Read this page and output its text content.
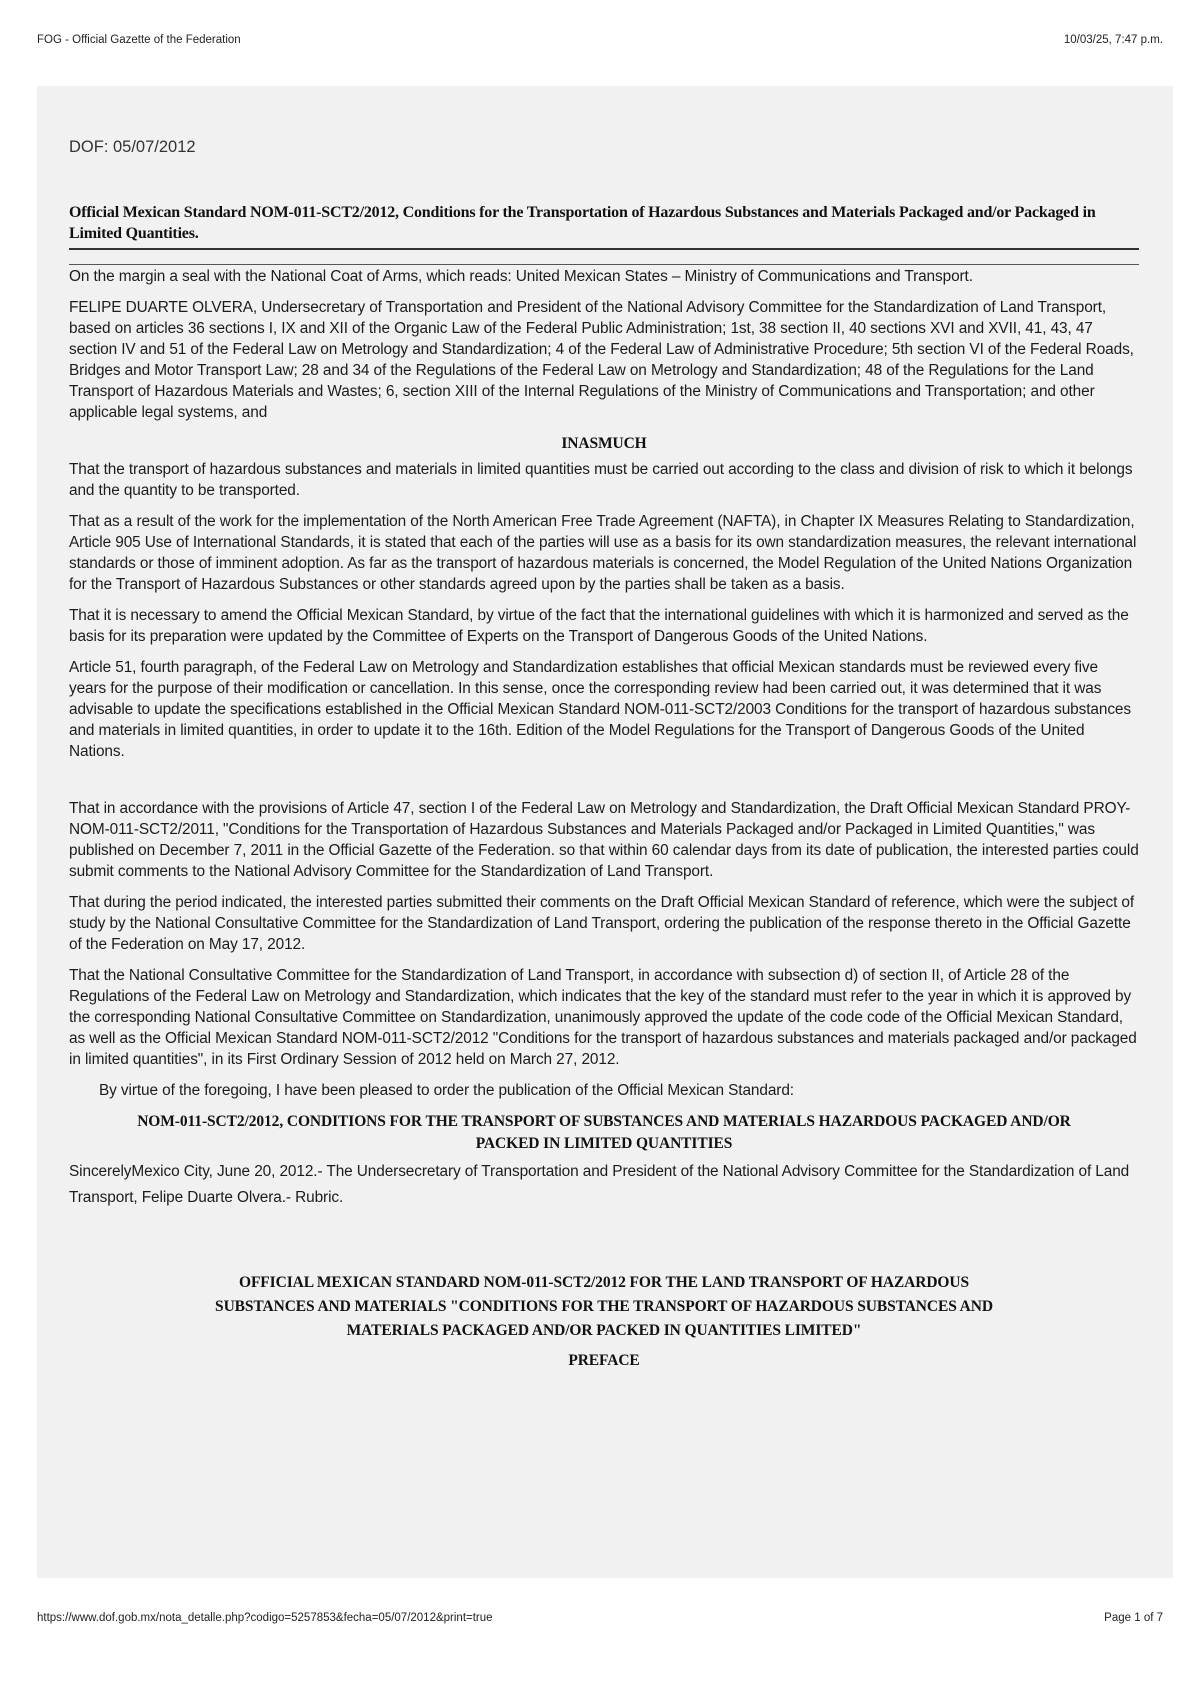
FOG - Official Gazette of the Federation	10/03/25, 7:47 p.m.
DOF: 05/07/2012
Official Mexican Standard NOM-011-SCT2/2012, Conditions for the Transportation of Hazardous Substances and Materials Packaged and/or Packaged in Limited Quantities.

On the margin a seal with the National Coat of Arms, which reads: United Mexican States – Ministry of Communications and Transport.

FELIPE DUARTE OLVERA, Undersecretary of Transportation and President of the National Advisory Committee for the Standardization of Land Transport, based on articles 36 sections I, IX and XII of the Organic Law of the Federal Public Administration; 1st, 38 section II, 40 sections XVI and XVII, 41, 43, 47 section IV and 51 of the Federal Law on Metrology and Standardization; 4 of the Federal Law of Administrative Procedure; 5th section VI of the Federal Roads, Bridges and Motor Transport Law; 28 and 34 of the Regulations of the Federal Law on Metrology and Standardization; 48 of the Regulations for the Land Transport of Hazardous Materials and Wastes; 6, section XIII of the Internal Regulations of the Ministry of Communications and Transportation; and other applicable legal systems, and

INASMUCH

That the transport of hazardous substances and materials in limited quantities must be carried out according to the class and division of risk to which it belongs and the quantity to be transported.

That as a result of the work for the implementation of the North American Free Trade Agreement (NAFTA), in Chapter IX Measures Relating to Standardization, Article 905 Use of International Standards, it is stated that each of the parties will use as a basis for its own standardization measures, the relevant international standards or those of imminent adoption. As far as the transport of hazardous materials is concerned, the Model Regulation of the United Nations Organization for the Transport of Hazardous Substances or other standards agreed upon by the parties shall be taken as a basis.

That it is necessary to amend the Official Mexican Standard, by virtue of the fact that the international guidelines with which it is harmonized and served as the basis for its preparation were updated by the Committee of Experts on the Transport of Dangerous Goods of the United Nations.

Article 51, fourth paragraph, of the Federal Law on Metrology and Standardization establishes that official Mexican standards must be reviewed every five years for the purpose of their modification or cancellation. In this sense, once the corresponding review had been carried out, it was determined that it was advisable to update the specifications established in the Official Mexican Standard NOM-011-SCT2/2003 Conditions for the transport of hazardous substances and materials in limited quantities, in order to update it to the 16th. Edition of the Model Regulations for the Transport of Dangerous Goods of the United Nations.

That in accordance with the provisions of Article 47, section I of the Federal Law on Metrology and Standardization, the Draft Official Mexican Standard PROY-NOM-011-SCT2/2011, "Conditions for the Transportation of Hazardous Substances and Materials Packaged and/or Packaged in Limited Quantities," was published on December 7, 2011 in the Official Gazette of the Federation. so that within 60 calendar days from its date of publication, the interested parties could submit comments to the National Advisory Committee for the Standardization of Land Transport.

That during the period indicated, the interested parties submitted their comments on the Draft Official Mexican Standard of reference, which were the subject of study by the National Consultative Committee for the Standardization of Land Transport, ordering the publication of the response thereto in the Official Gazette of the Federation on May 17, 2012.

That the National Consultative Committee for the Standardization of Land Transport, in accordance with subsection d) of section II, of Article 28 of the Regulations of the Federal Law on Metrology and Standardization, which indicates that the key of the standard must refer to the year in which it is approved by the corresponding National Consultative Committee on Standardization, unanimously approved the update of the code code of the Official Mexican Standard, as well as the Official Mexican Standard NOM-011-SCT2/2012 "Conditions for the transport of hazardous substances and materials packaged and/or packaged in limited quantities", in its First Ordinary Session of 2012 held on March 27, 2012.

By virtue of the foregoing, I have been pleased to order the publication of the Official Mexican Standard:

NOM-011-SCT2/2012, CONDITIONS FOR THE TRANSPORT OF SUBSTANCES AND MATERIALS HAZARDOUS PACKAGED AND/OR PACKED IN LIMITED QUANTITIES

SincerelyMexico City, June 20, 2012.- The Undersecretary of Transportation and President of the National Advisory Committee for the Standardization of Land Transport, Felipe Duarte Olvera.- Rubric.

OFFICIAL MEXICAN STANDARD NOM-011-SCT2/2012 FOR THE LAND TRANSPORT OF HAZARDOUS SUBSTANCES AND MATERIALS "CONDITIONS FOR THE TRANSPORT OF HAZARDOUS SUBSTANCES AND MATERIALS PACKAGED AND/OR PACKED IN QUANTITIES LIMITED"
PREFACE
https://www.dof.gob.mx/nota_detalle.php?codigo=5257853&fecha=05/07/2012&print=true	Page 1 of 7
